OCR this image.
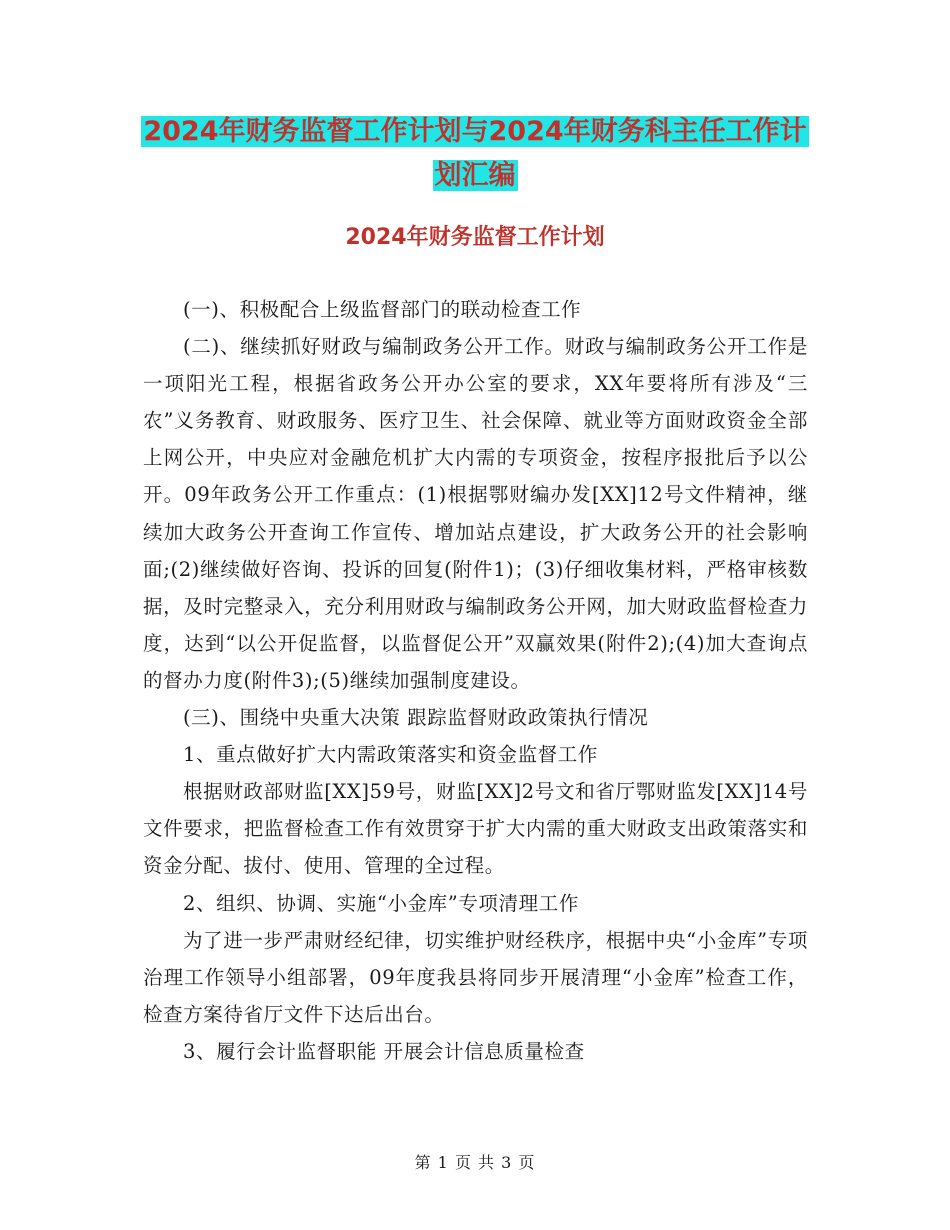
2024年财务监督工作计划与2024年财务科主任工作计
划汇编
2024年财务监督工作计划

(一)、积极配合上级监督部门的联动检查工作

(二)、继续抓好财政与编制政务公开工作。财政与编制政务公开工作是一项阳光工程，根据省政务公开办公室的要求，XX年要将所有涉及“三农”义务教育、财政服务、医疗卫生、社会保障、就业等方面财政资金全部上网公开，中央应对金融危机扩大内需的专项资金，按程序报批后予以公开。09年政务公开工作重点：(1)根据鄂财编办发[XX]12号文件精神，继续加大政务公开查询工作宣传、增加站点建设，扩大政务公开的社会影响面;(2)继续做好咨询、投诉的回复(附件1)；(3)仔细收集材料，严格审核数据，及时完整录入，充分利用财政与编制政务公开网，加大财政监督检查力度，达到“以公开促监督，以监督促公开”双赢效果(附件2);(4)加大查询点的督办力度(附件3);(5)继续加强制度建设。

(三)、围绕中央重大决策 跟踪监督财政政策执行情况

1、重点做好扩大内需政策落实和资金监督工作

根据财政部财监[XX]59号，财监[XX]2号文和省厅鄂财监发[XX]14号文件要求，把监督检查工作有效贯穿于扩大内需的重大财政支出政策落实和资金分配、拔付、使用、管理的全过程。

2、组织、协调、实施“小金库”专项清理工作

为了进一步严肃财经纪律，切实维护财经秩序，根据中央“小金库”专项治理工作领导小组部署，09年度我县将同步开展清理“小金库”检查工作，检查方案待省厅文件下达后出台。

3、履行会计监督职能 开展会计信息质量检查

第 1 页 共 3 页
